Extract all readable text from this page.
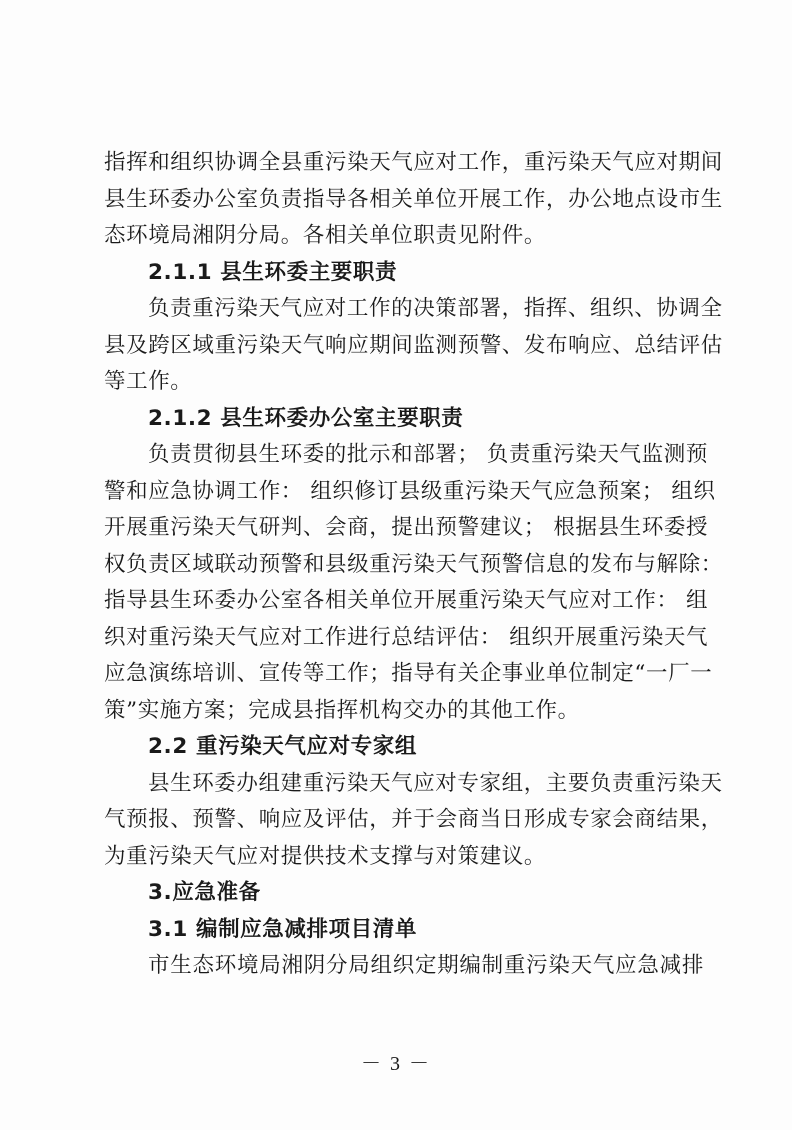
指挥和组织协调全县重污染天气应对工作，重污染天气应对期间
县生环委办公室负责指导各相关单位开展工作，办公地点设市生
态环境局湘阴分局。各相关单位职责见附件。
2.1.1 县生环委主要职责
负责重污染天气应对工作的决策部署，指挥、组织、协调全
县及跨区域重污染天气响应期间监测预警、发布响应、总结评估
等工作。
2.1.2 县生环委办公室主要职责
负责贯彻县生环委的批示和部署； 负责重污染天气监测预
警和应急协调工作： 组织修订县级重污染天气应急预案； 组织
开展重污染天气研判、会商，提出预警建议； 根据县生环委授
权负责区域联动预警和县级重污染天气预警信息的发布与解除：
指导县生环委办公室各相关单位开展重污染天气应对工作： 组
织对重污染天气应对工作进行总结评估： 组织开展重污染天气
应急演练培训、宣传等工作；指导有关企事业单位制定“一厂一
策”实施方案；完成县指挥机构交办的其他工作。
2.2 重污染天气应对专家组
县生环委办组建重污染天气应对专家组，主要负责重污染天
气预报、预警、响应及评估，并于会商当日形成专家会商结果，
为重污染天气应对提供技术支撑与对策建议。
3.应急准备
3.1 编制应急减排项目清单
市生态环境局湘阴分局组织定期编制重污染天气应急减排
－ 3 －
